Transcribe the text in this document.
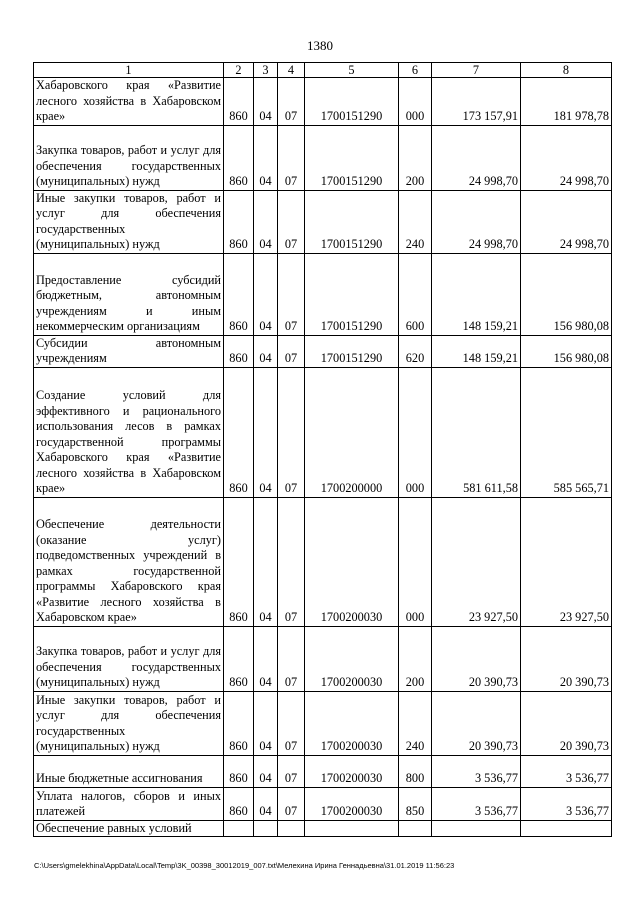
1380
1	2	3	4	5	6	7	8
Хабаровского края «Развитие лесного хозяйства в Хабаровском крае»	860	04	07	1700151290	000	173 157,91	181 978,78
Закупка товаров, работ и услуг для обеспечения государственных (муниципальных) нужд	860	04	07	1700151290	200	24 998,70	24 998,70
Иные закупки товаров, работ и услуг для обеспечения государственных (муниципальных) нужд	860	04	07	1700151290	240	24 998,70	24 998,70
Предоставление субсидий бюджетным, автономным учреждениям и иным некоммерческим организациям	860	04	07	1700151290	600	148 159,21	156 980,08
Субсидии автономным учреждениям	860	04	07	1700151290	620	148 159,21	156 980,08
Создание условий для эффективного и рационального использования лесов в рамках государственной программы Хабаровского края «Развитие лесного хозяйства в Хабаровском крае»	860	04	07	1700200000	000	581 611,58	585 565,71
Обеспечение деятельности (оказание услуг) подведомственных учреждений в рамках государственной программы Хабаровского края «Развитие лесного хозяйства в Хабаровском крае»	860	04	07	1700200030	000	23 927,50	23 927,50
Закупка товаров, работ и услуг для обеспечения государственных (муниципальных) нужд	860	04	07	1700200030	200	20 390,73	20 390,73
Иные закупки товаров, работ и услуг для обеспечения государственных (муниципальных) нужд	860	04	07	1700200030	240	20 390,73	20 390,73
Иные бюджетные ассигнования	860	04	07	1700200030	800	3 536,77	3 536,77
Уплата налогов, сборов и иных платежей	860	04	07	1700200030	850	3 536,77	3 536,77
Обеспечение равных условий							
C:\Users\gmelekhina\AppData\Local\Temp\3K_00398_30012019_007.txt\Мелехина Ирина Геннадьевна\31.01.2019 11:56:23
